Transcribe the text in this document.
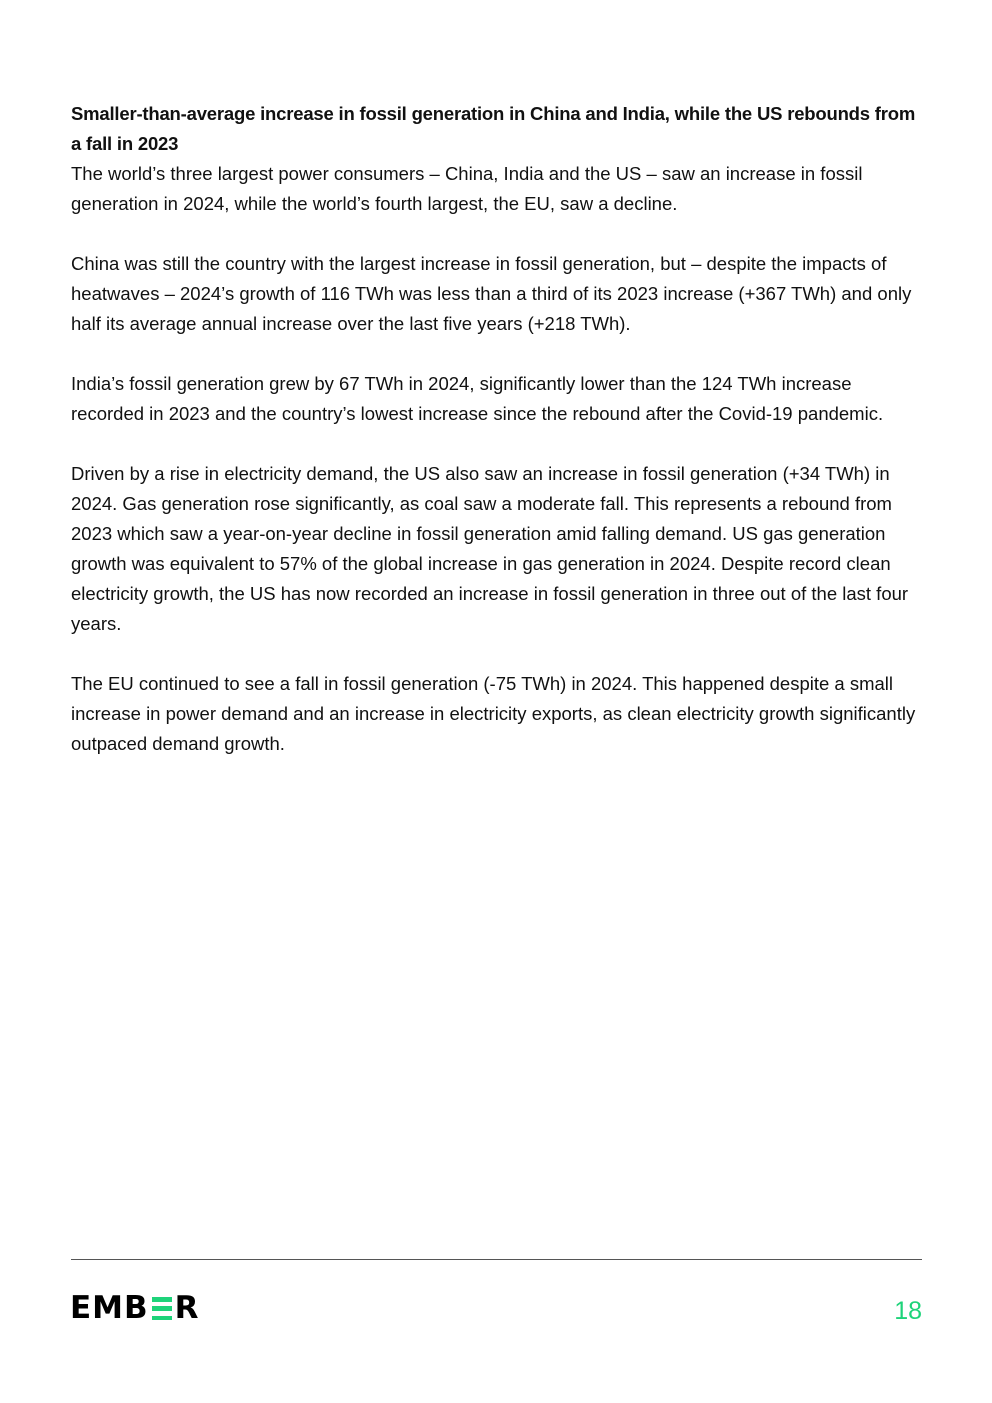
Smaller-than-average increase in fossil generation in China and India, while the US rebounds from a fall in 2023

The world’s three largest power consumers – China, India and the US – saw an increase in fossil generation in 2024, while the world’s fourth largest, the EU, saw a decline.

China was still the country with the largest increase in fossil generation, but – despite the impacts of heatwaves – 2024’s growth of 116 TWh was less than a third of its 2023 increase (+367 TWh) and only half its average annual increase over the last five years (+218 TWh).

India’s fossil generation grew by 67 TWh in 2024, significantly lower than the 124 TWh increase recorded in 2023 and the country’s lowest increase since the rebound after the Covid-19 pandemic.

Driven by a rise in electricity demand, the US also saw an increase in fossil generation (+34 TWh) in 2024. Gas generation rose significantly, as coal saw a moderate fall. This represents a rebound from 2023 which saw a year-on-year decline in fossil generation amid falling demand. US gas generation growth was equivalent to 57% of the global increase in gas generation in 2024. Despite record clean electricity growth, the US has now recorded an increase in fossil generation in three out of the last four years.

The EU continued to see a fall in fossil generation (-75 TWh) in 2024. This happened despite a small increase in power demand and an increase in electricity exports, as clean electricity growth significantly outpaced demand growth.

EMB R	18
